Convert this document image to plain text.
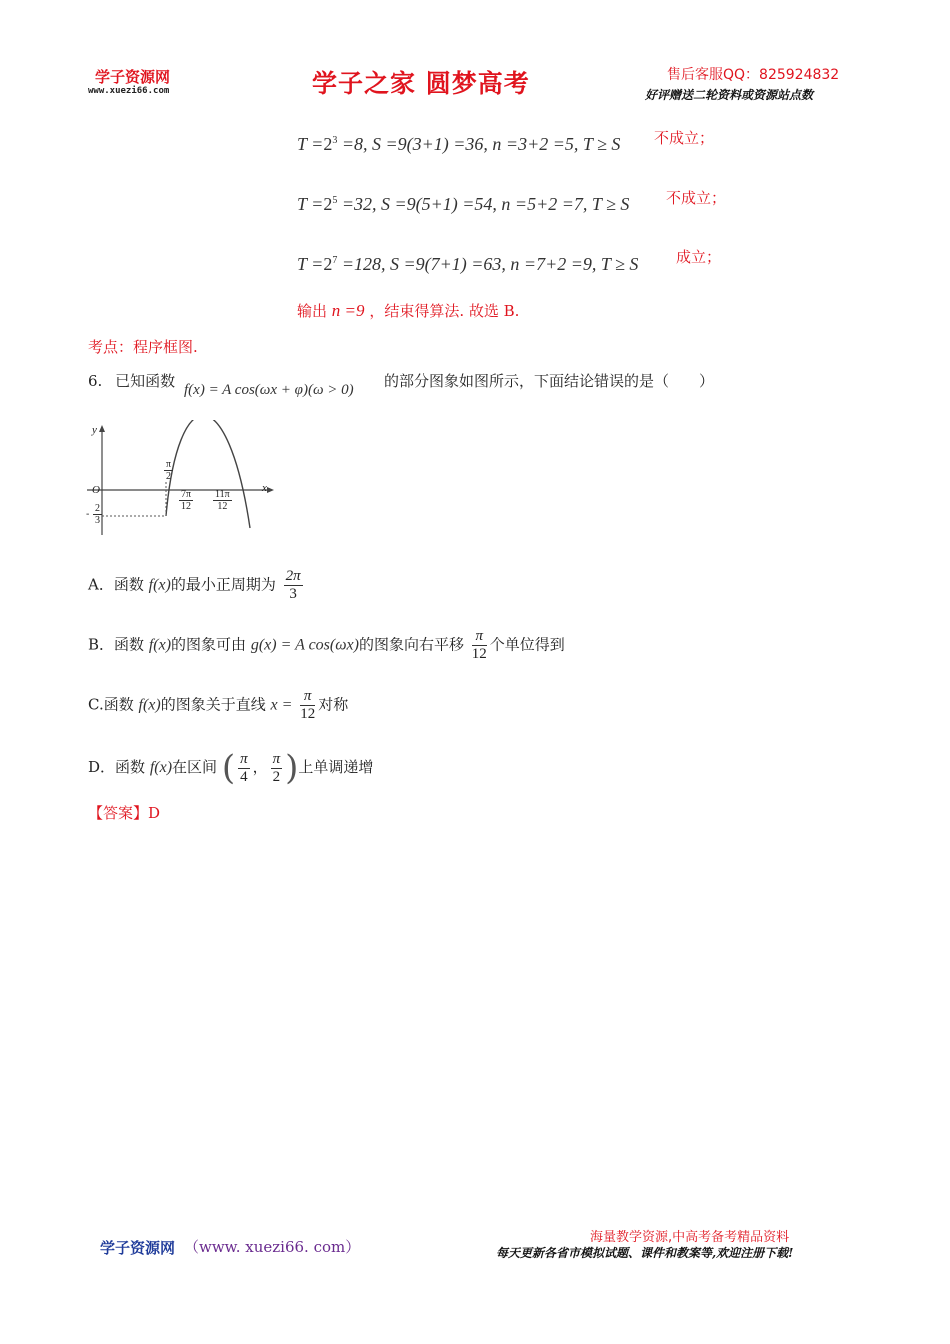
学子资源网
www.xuezi66.com	学子之家 圆梦高考	售后客服QQ：825924832
好评赠送二轮资料或资源站点数
$T =2^3 =8$, S =9(3+1) =36, n =3+2 =5, T ≥ S 不成立；
$T =2^5 =32$, S =9(5+1) =54, n =5+2 =7, T ≥ S 不成立；
$T =2^7 =128$, S =9(7+1) =63, n =7+2 =9, T ≥ S	成立；
输出 n =9 ，结束得算法. 故选 B.
考点：程序框图.
6. 已知函数 f(x) = A cos(ωx + φ)(ω > 0) 的部分图象如图所示，下面结论错误的是（　　）
y
x
O
$\frac{\pi}{2}$
$\frac{7\pi}{12} \frac{11\pi}{12}$
- $\frac{2}{3}$
A．函数 f(x)的最小正周期为 $\frac{2\pi}{3}$
B．函数 f(x)的图象可由 g(x) = A cos(ωx)的图象向右平移 $\frac{\pi}{12}$ 个单位得到
C.函数 f(x)的图象关于直线 $x = \frac{\pi}{12}$ 对称
D．函数 f(x)在区间 ( $\frac{\pi}{4}$ ， $\frac{\pi}{2}$ )上单调递增
【答案】D
学子资源网 （www. xuezi66. com）
海量教学资源,中高考备考精品资料
每天更新各省市模拟试题、课件和教案等,欢迎注册下载!
